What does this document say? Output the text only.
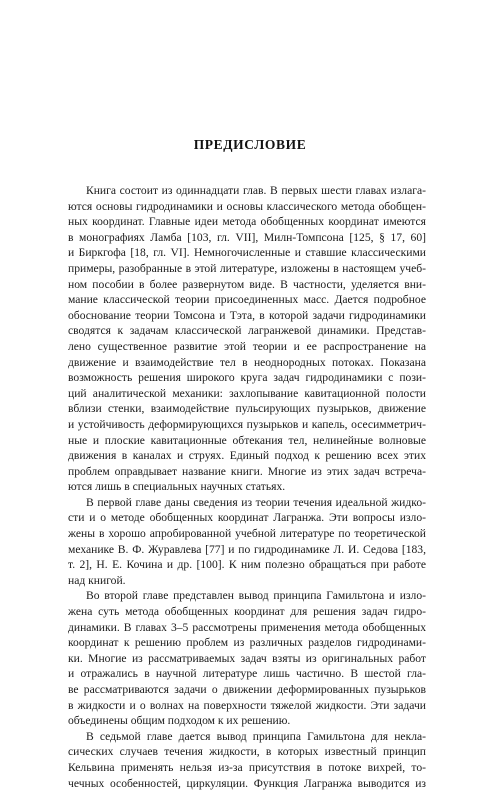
ПРЕДИСЛОВИЕ
Книга состоит из одиннадцати глав. В первых шести главах излага-
ются основы гидродинамики и основы классического метода обобщен-
ных координат. Главные идеи метода обобщенных координат имеются
в монографиях Ламба [103, гл. VII], Милн-Томпсона [125, § 17, 60]
и Биркгофа [18, гл. VI]. Немногочисленные и ставшие классическими
примеры, разобранные в этой литературе, изложены в настоящем учеб-
ном пособии в более развернутом виде. В частности, уделяется вни-
мание классической теории присоединенных масс. Дается подробное
обоснование теории Томсона и Тэта, в которой задачи гидродинамики
сводятся к задачам классической лагранжевой динамики. Представ-
лено существенное развитие этой теории и ее распространение на
движение и взаимодействие тел в неоднородных потоках. Показана
возможность решения широкого круга задач гидродинамики с пози-
ций аналитической механики: захлопывание кавитационной полости
вблизи стенки, взаимодействие пульсирующих пузырьков, движение
и устойчивость деформирующихся пузырьков и капель, осесимметрич-
ные и плоские кавитационные обтекания тел, нелинейные волновые
движения в каналах и струях. Единый подход к решению всех этих
проблем оправдывает название книги. Многие из этих задач встреча-
ются лишь в специальных научных статьях.
В первой главе даны сведения из теории течения идеальной жидко-
сти и о методе обобщенных координат Лагранжа. Эти вопросы изло-
жены в хорошо апробированной учебной литературе по теоретической
механике В. Ф. Журавлева [77] и по гидродинамике Л. И. Седова [183,
т. 2], Н. Е. Кочина и др. [100]. К ним полезно обращаться при работе
над книгой.
Во второй главе представлен вывод принципа Гамильтона и изло-
жена суть метода обобщенных координат для решения задач гидро-
динамики. В главах 3–5 рассмотрены применения метода обобщенных
координат к решению проблем из различных разделов гидродинами-
ки. Многие из рассматриваемых задач взяты из оригинальных работ
и отражались в научной литературе лишь частично. В шестой гла-
ве рассматриваются задачи о движении деформированных пузырьков
в жидкости и о волнах на поверхности тяжелой жидкости. Эти задачи
объединены общим подходом к их решению.
В седьмой главе дается вывод принципа Гамильтона для некла-
сических случаев течения жидкости, в которых известный принцип
Кельвина применять нельзя из-за присутствия в потоке вихрей, то-
чечных особенностей, циркуляции. Функция Лагранжа выводится из
